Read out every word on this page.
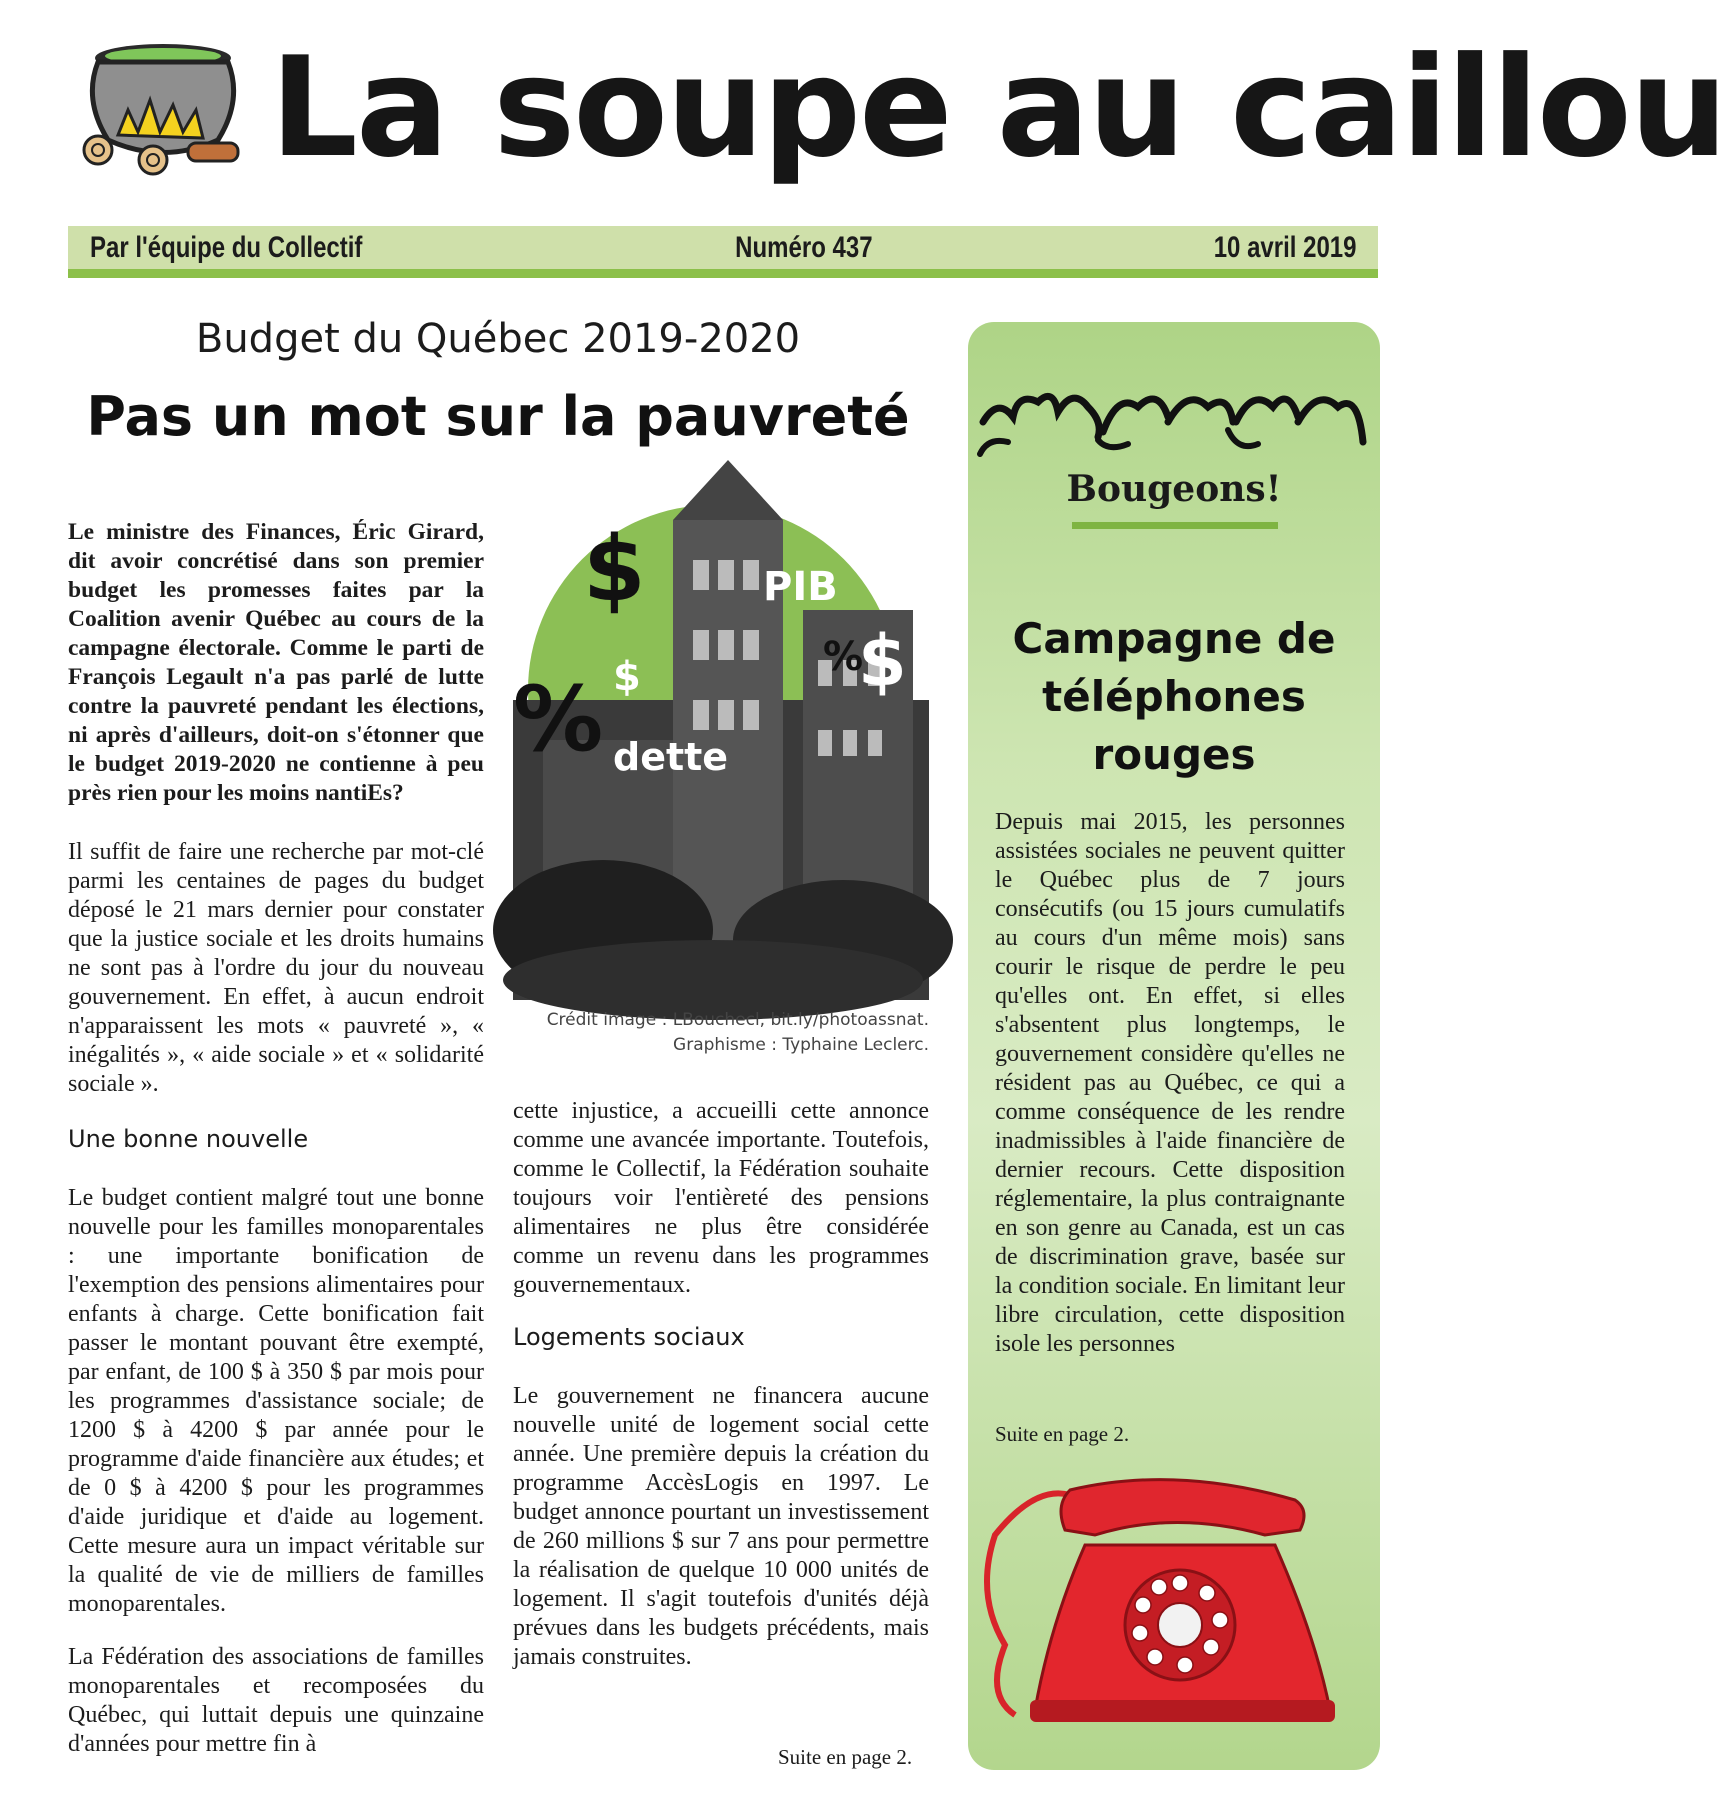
La soupe au caillou
Par l'équipe du Collectif	Numéro 437	10 avril 2019
Budget du Québec 2019-2020
Pas un mot sur la pauvreté

Le ministre des Finances, Éric Girard, dit avoir concrétisé dans son premier budget les promesses faites par la Coalition avenir Québec au cours de la campagne électorale. Comme le parti de François Legault n'a pas parlé de lutte contre la pauvreté pendant les élections, ni après d'ailleurs, doit-on s'étonner que le budget 2019-2020 ne contienne à peu près rien pour les moins nantiEs?

Il suffit de faire une recherche par mot-clé parmi les centaines de pages du budget déposé le 21 mars dernier pour constater que la justice sociale et les droits humains ne sont pas à l'ordre du jour du nouveau gouvernement. En effet, à aucun endroit n'apparaissent les mots « pauvreté », « inégalités », « aide sociale » et « solidarité sociale ».

Une bonne nouvelle

Le budget contient malgré tout une bonne nouvelle pour les familles monoparentales : une importante bonification de l'exemption des pensions alimentaires pour enfants à charge. Cette bonification fait passer le montant pouvant être exempté, par enfant, de 100 $ à 350 $ par mois pour les programmes d'assistance sociale; de 1200 $ à 4200 $ par année pour le programme d'aide financière aux études; et de 0 $ à 4200 $ pour les programmes d'aide juridique et d'aide au logement. Cette mesure aura un impact véritable sur la qualité de vie de milliers de familles monoparentales.

La Fédération des associations de familles monoparentales et recomposées du Québec, qui luttait depuis une quinzaine d'années pour mettre fin à

$	PIB
%
$
$
% dette
Crédit image : LBouchecl, bit.ly/photoassnat.
Graphisme : Typhaine Leclerc.

cette injustice, a accueilli cette annonce comme une avancée importante. Toutefois, comme le Collectif, la Fédération souhaite toujours voir l'entièreté des pensions alimentaires ne plus être considérée comme un revenu dans les programmes gouvernementaux.

Logements sociaux

Le gouvernement ne financera aucune nouvelle unité de logement social cette année. Une première depuis la création du programme AccèsLogis en 1997. Le budget annonce pourtant un investissement de 260 millions $ sur 7 ans pour permettre la réalisation de quelque 10 000 unités de logement. Il s'agit toutefois d'unités déjà prévues dans les budgets précédents, mais jamais construites.

Suite en page 2.
Bougeons!
Campagne de
téléphones
rouges

Depuis mai 2015, les personnes assistées sociales ne peuvent quitter le Québec plus de 7 jours consécutifs (ou 15 jours cumulatifs au cours d'un même mois) sans courir le risque de perdre le peu qu'elles ont. En effet, si elles s'absentent plus longtemps, le gouvernement considère qu'elles ne résident pas au Québec, ce qui a comme conséquence de les rendre inadmissibles à l'aide financière de dernier recours. Cette disposition réglementaire, la plus contraignante en son genre au Canada, est un cas de discrimination grave, basée sur la condition sociale. En limitant leur libre circulation, cette disposition isole les personnes

Suite en page 2.
